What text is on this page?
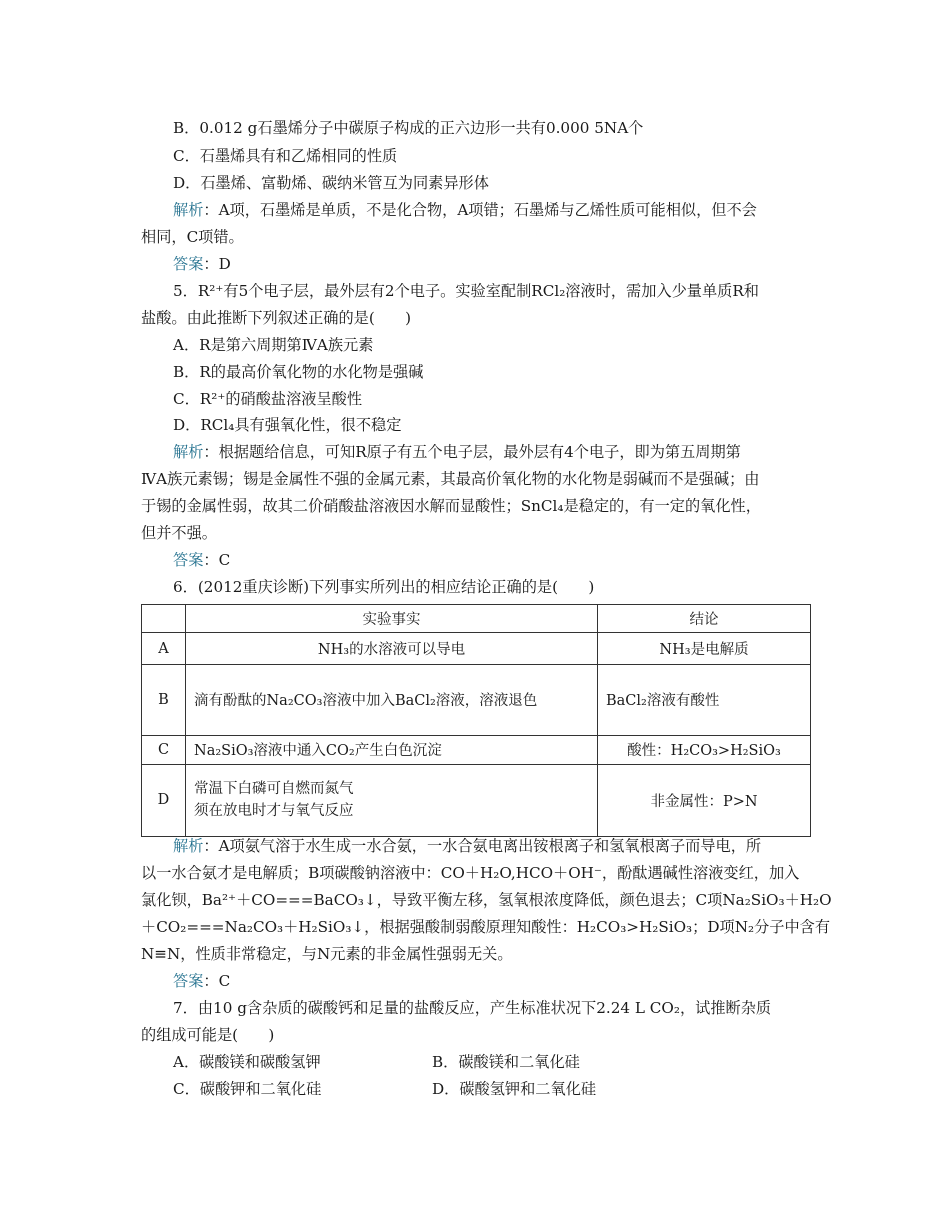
B．0.012 g石墨烯分子中碳原子构成的正六边形一共有0.000 5NA个
C．石墨烯具有和乙烯相同的性质
D．石墨烯、富勒烯、碳纳米管互为同素异形体
解析：A项，石墨烯是单质，不是化合物，A项错；石墨烯与乙烯性质可能相似，但不会
相同，C项错。
答案：D
5．R²⁺有5个电子层，最外层有2个电子。实验室配制RCl₂溶液时，需加入少量单质R和
盐酸。由此推断下列叙述正确的是(　　)
A．R是第六周期第ⅣA族元素
B．R的最高价氧化物的水化物是强碱
C．R²⁺的硝酸盐溶液呈酸性
D．RCl₄具有强氧化性，很不稳定
解析：根据题给信息，可知R原子有五个电子层，最外层有4个电子，即为第五周期第
ⅣA族元素锡；锡是金属性不强的金属元素，其最高价氧化物的水化物是弱碱而不是强碱；由
于锡的金属性弱，故其二价硝酸盐溶液因水解而显酸性；SnCl₄是稳定的，有一定的氧化性，
但并不强。
答案：C
6．(2012重庆诊断)下列事实所列出的相应结论正确的是(　　)
	实验事实	结论
A	NH₃的水溶液可以导电	NH₃是电解质
B	滴有酚酞的Na₂CO₃溶液中加入BaCl₂溶液，溶液退色	BaCl₂溶液有酸性
C	Na₂SiO₃溶液中通入CO₂产生白色沉淀	酸性：H₂CO₃>H₂SiO₃
D	常温下白磷可自燃而氮气
须在放电时才与氧气反应	非金属性：P>N
解析：A项氨气溶于水生成一水合氨，一水合氨电离出铵根离子和氢氧根离子而导电，所
以一水合氨才是电解质；B项碳酸钠溶液中：CO＋H₂O,HCO＋OH⁻，酚酞遇碱性溶液变红，加入
氯化钡，Ba²⁺＋CO===BaCO₃↓，导致平衡左移，氢氧根浓度降低，颜色退去；C项Na₂SiO₃＋H₂O
＋CO₂===Na₂CO₃＋H₂SiO₃↓，根据强酸制弱酸原理知酸性：H₂CO₃>H₂SiO₃；D项N₂分子中含有
N≡N，性质非常稳定，与N元素的非金属性强弱无关。
答案：C
7．由10 g含杂质的碳酸钙和足量的盐酸反应，产生标准状况下2.24 L CO₂，试推断杂质
的组成可能是(　　)
A．碳酸镁和碳酸氢钾	B．碳酸镁和二氧化硅
C．碳酸钾和二氧化硅	D．碳酸氢钾和二氧化硅
